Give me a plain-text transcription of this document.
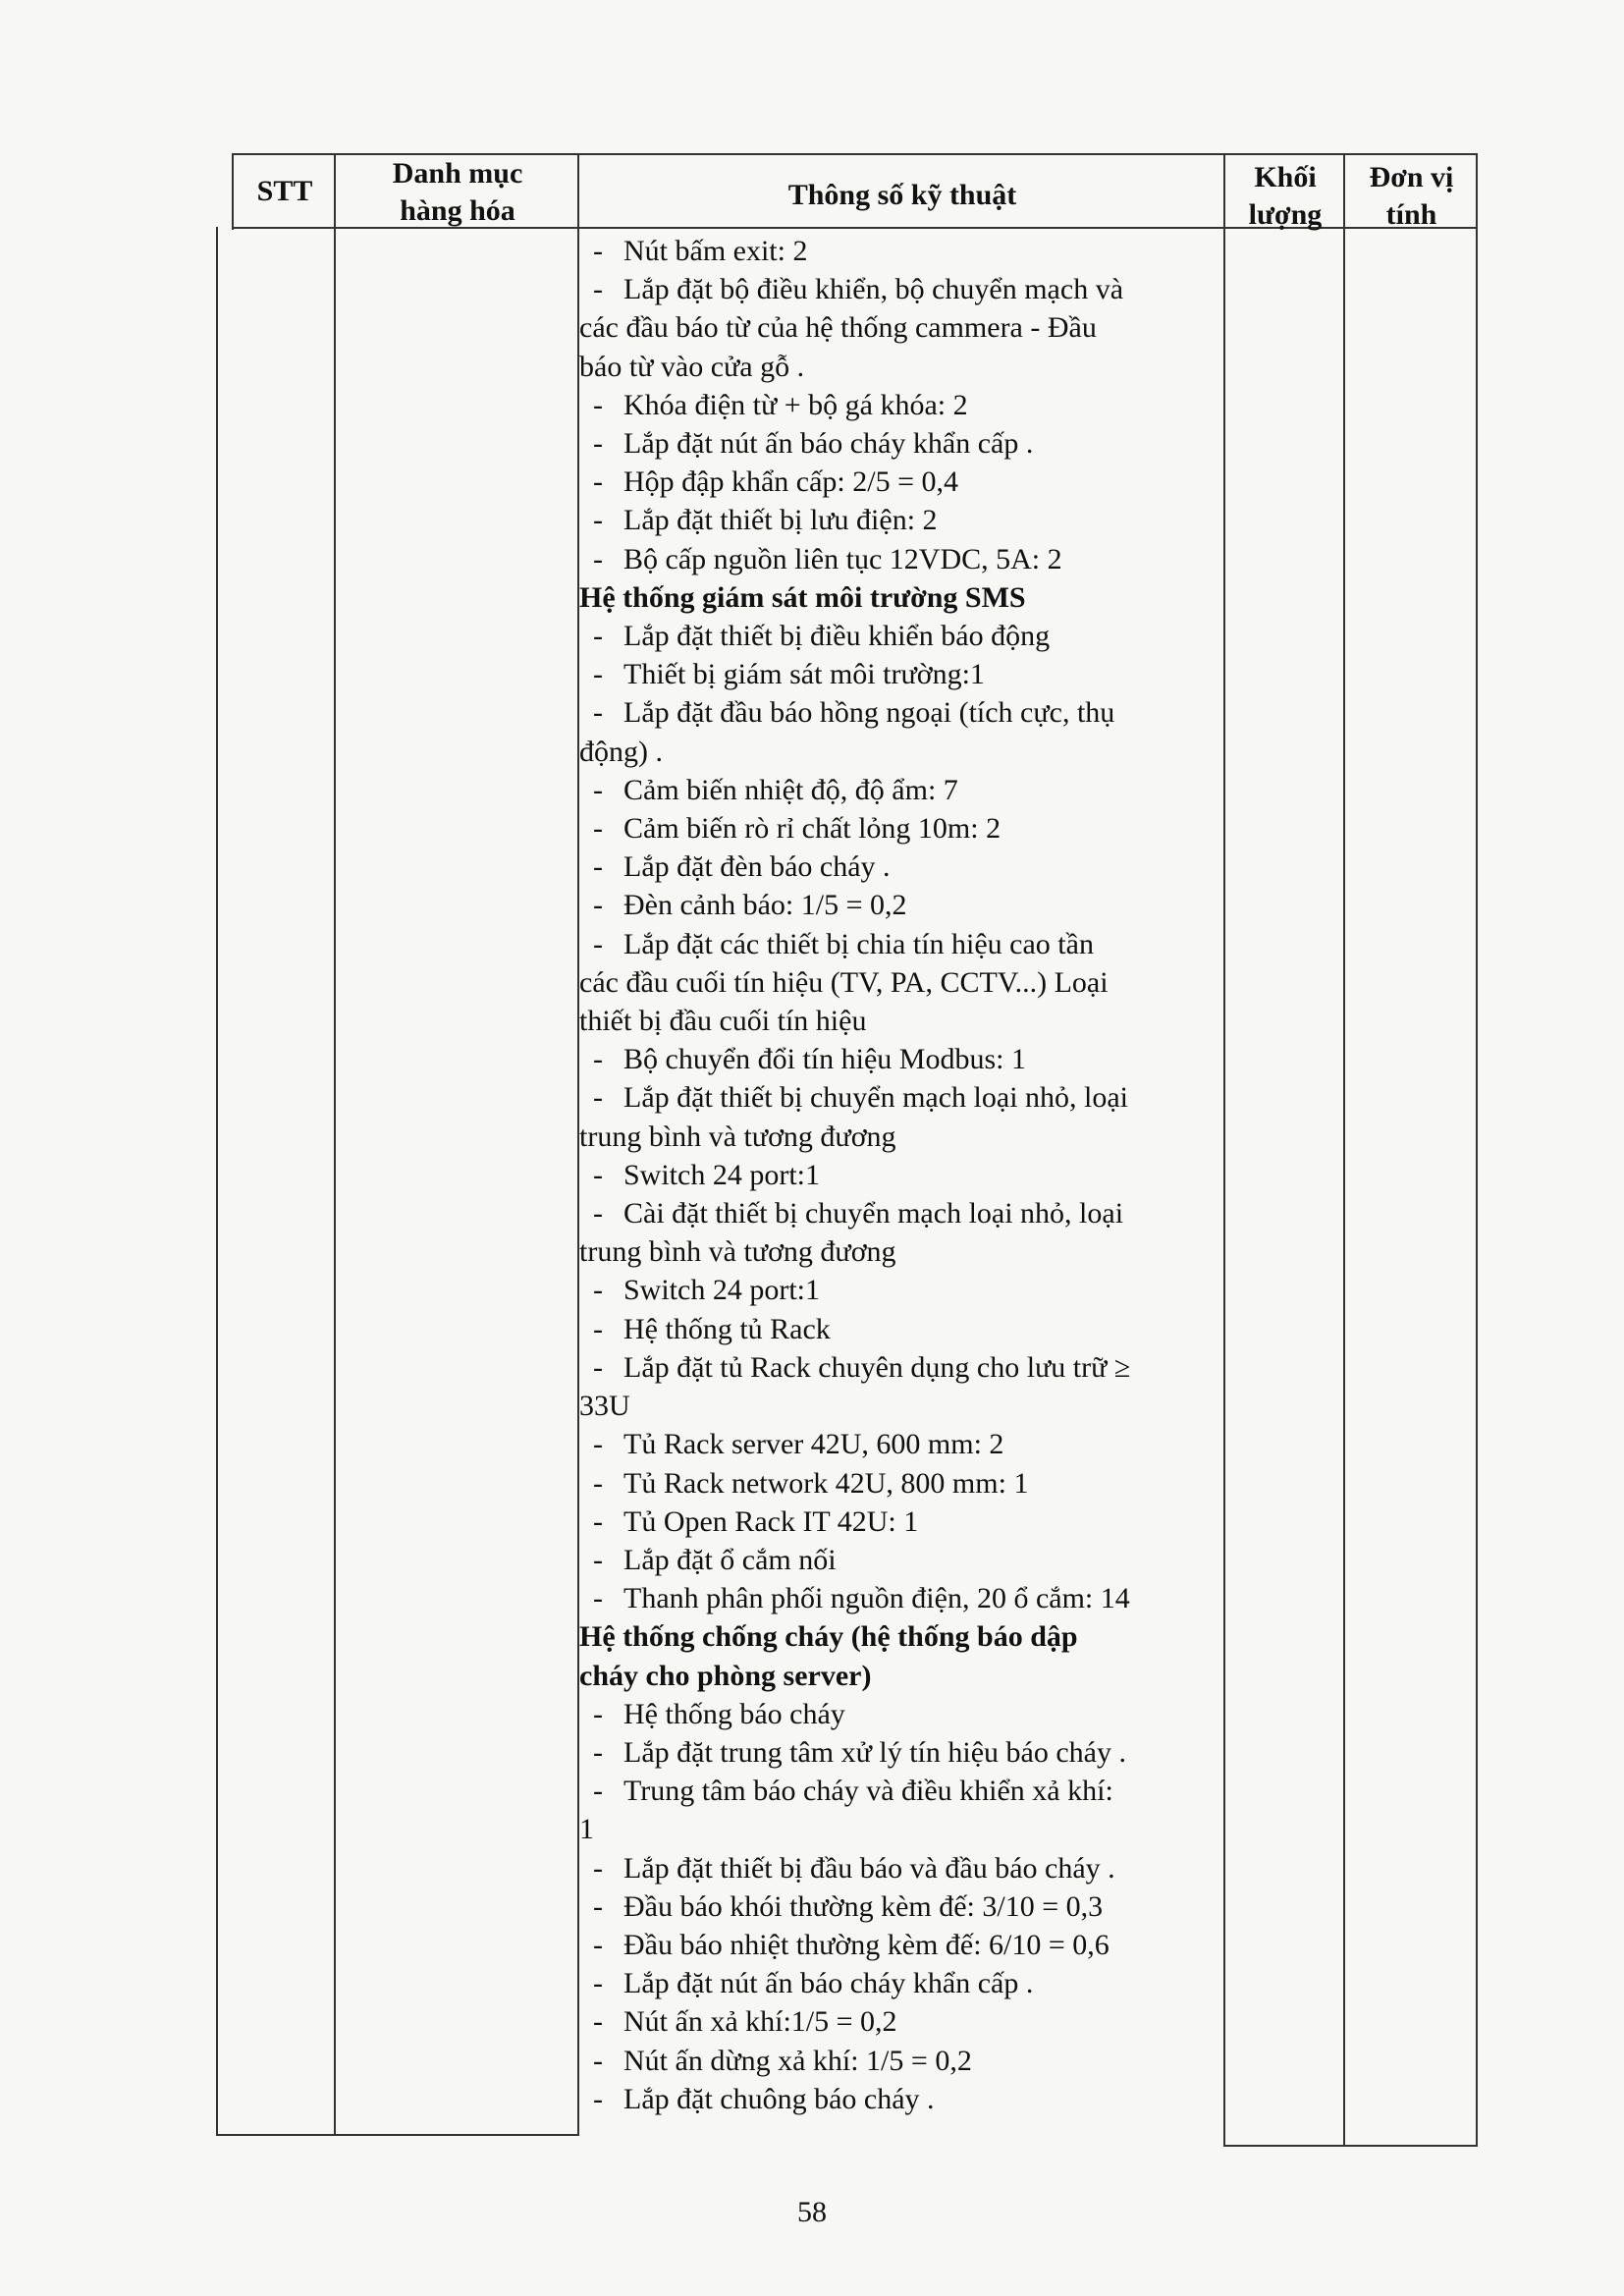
STT
Danh mục
hàng hóa	Thông số kỹ thuật
Khối
lượng
Đơn vị
tính
- Nút bấm exit: 2
- Lắp đặt bộ điều khiển, bộ chuyển mạch và
các đầu báo từ của hệ thống cammera - Đầu
báo từ vào cửa gỗ .
- Khóa điện từ + bộ gá khóa: 2
- Lắp đặt nút ấn báo cháy khẩn cấp .
- Hộp đập khẩn cấp: 2/5 = 0,4
- Lắp đặt thiết bị lưu điện: 2
- Bộ cấp nguồn liên tục 12VDC, 5A: 2
Hệ thống giám sát môi trường SMS
- Lắp đặt thiết bị điều khiển báo động
- Thiết bị giám sát môi trường:1
- Lắp đặt đầu báo hồng ngoại (tích cực, thụ
động) .
- Cảm biến nhiệt độ, độ ẩm: 7
- Cảm biến rò rỉ chất lỏng 10m: 2
- Lắp đặt đèn báo cháy .
- Đèn cảnh báo: 1/5 = 0,2
- Lắp đặt các thiết bị chia tín hiệu cao tần
các đầu cuối tín hiệu (TV, PA, CCTV...) Loại
thiết bị đầu cuối tín hiệu
- Bộ chuyển đổi tín hiệu Modbus: 1
- Lắp đặt thiết bị chuyển mạch loại nhỏ, loại
trung bình và tương đương
- Switch 24 port:1
- Cài đặt thiết bị chuyển mạch loại nhỏ, loại
trung bình và tương đương
- Switch 24 port:1
- Hệ thống tủ Rack
- Lắp đặt tủ Rack chuyên dụng cho lưu trữ ≥
33U
- Tủ Rack server 42U, 600 mm: 2
- Tủ Rack network 42U, 800 mm: 1
- Tủ Open Rack IT 42U: 1
- Lắp đặt ổ cắm nối
- Thanh phân phối nguồn điện, 20 ổ cắm: 14
Hệ thống chống cháy (hệ thống báo dập
cháy cho phòng server)
- Hệ thống báo cháy
- Lắp đặt trung tâm xử lý tín hiệu báo cháy .
- Trung tâm báo cháy và điều khiển xả khí:
1
- Lắp đặt thiết bị đầu báo và đầu báo cháy .
- Đầu báo khói thường kèm đế: 3/10 = 0,3
- Đầu báo nhiệt thường kèm đế: 6/10 = 0,6
- Lắp đặt nút ấn báo cháy khẩn cấp .
- Nút ấn xả khí:1/5 = 0,2
- Nút ấn dừng xả khí: 1/5 = 0,2
- Lắp đặt chuông báo cháy .
58
